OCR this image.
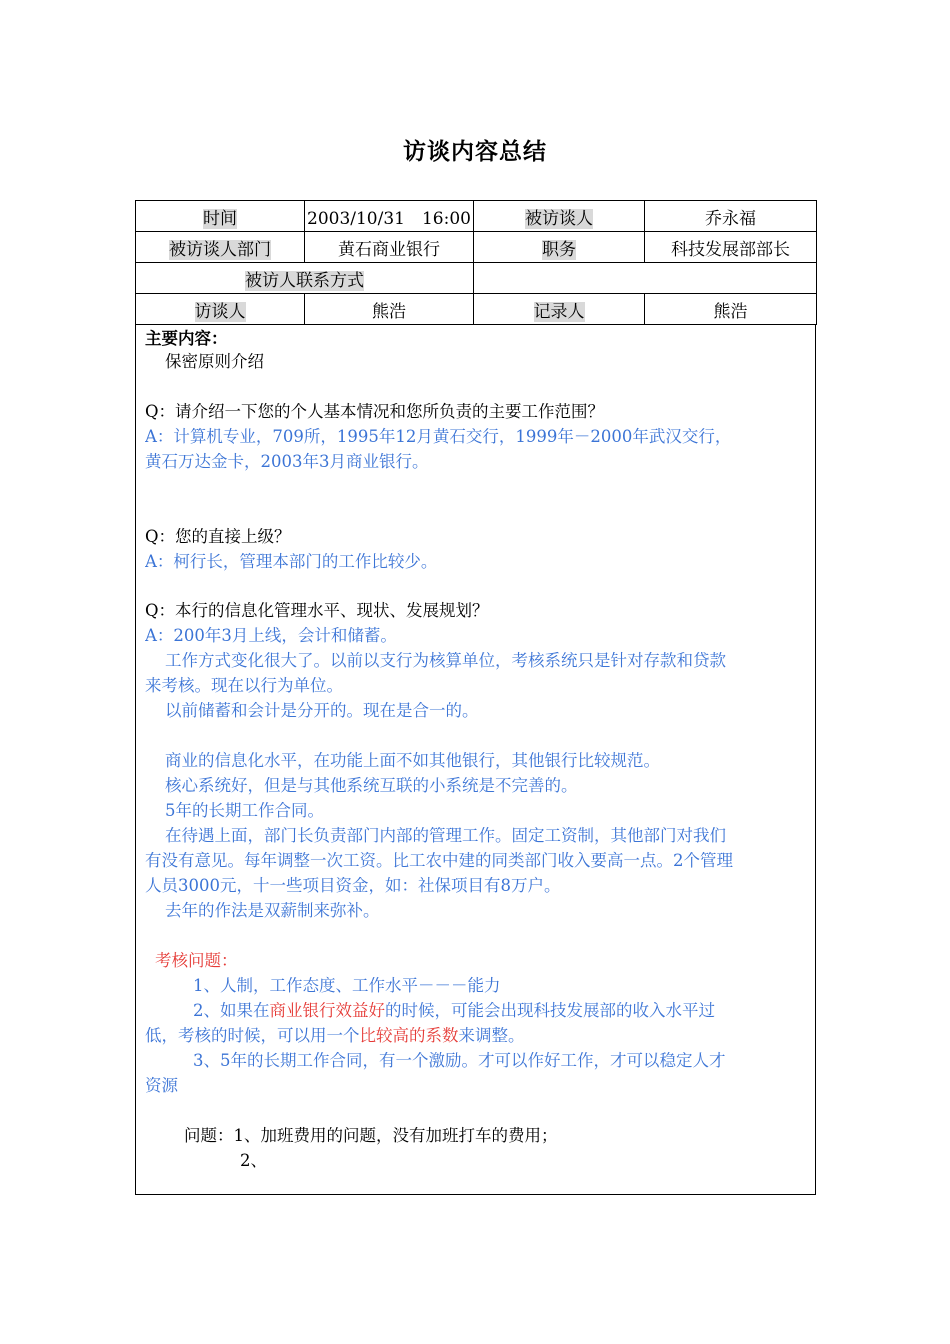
访谈内容总结
时间	2003/10/31　16:00	被访谈人	乔永福
被访谈人部门	黄石商业银行	职务	科技发展部部长
被访人联系方式			
访谈人	熊浩	记录人	熊浩
主要内容：
保密原则介绍
Q：请介绍一下您的个人基本情况和您所负责的主要工作范围？
A：计算机专业，709所，1995年12月黄石交行，1999年－2000年武汉交行，
黄石万达金卡，2003年3月商业银行。
Q：您的直接上级？
A：柯行长，管理本部门的工作比较少。
Q：本行的信息化管理水平、现状、发展规划？
A：200年3月上线，会计和储蓄。
工作方式变化很大了。以前以支行为核算单位，考核系统只是针对存款和贷款
来考核。现在以行为单位。
以前储蓄和会计是分开的。现在是合一的。
商业的信息化水平，在功能上面不如其他银行，其他银行比较规范。
核心系统好，但是与其他系统互联的小系统是不完善的。
5年的长期工作合同。
在待遇上面，部门长负责部门内部的管理工作。固定工资制，其他部门对我们
有没有意见。每年调整一次工资。比工农中建的同类部门收入要高一点。2个管理
人员3000元，十一些项目资金，如：社保项目有8万户。
去年的作法是双薪制来弥补。
考核问题：
1、人制，工作态度、工作水平－－－能力
2、如果在商业银行效益好的时候，可能会出现科技发展部的收入水平过
低，考核的时候，可以用一个比较高的系数来调整。
3、5年的长期工作合同，有一个激励。才可以作好工作，才可以稳定人才
资源
问题：1、加班费用的问题，没有加班打车的费用；
2、
